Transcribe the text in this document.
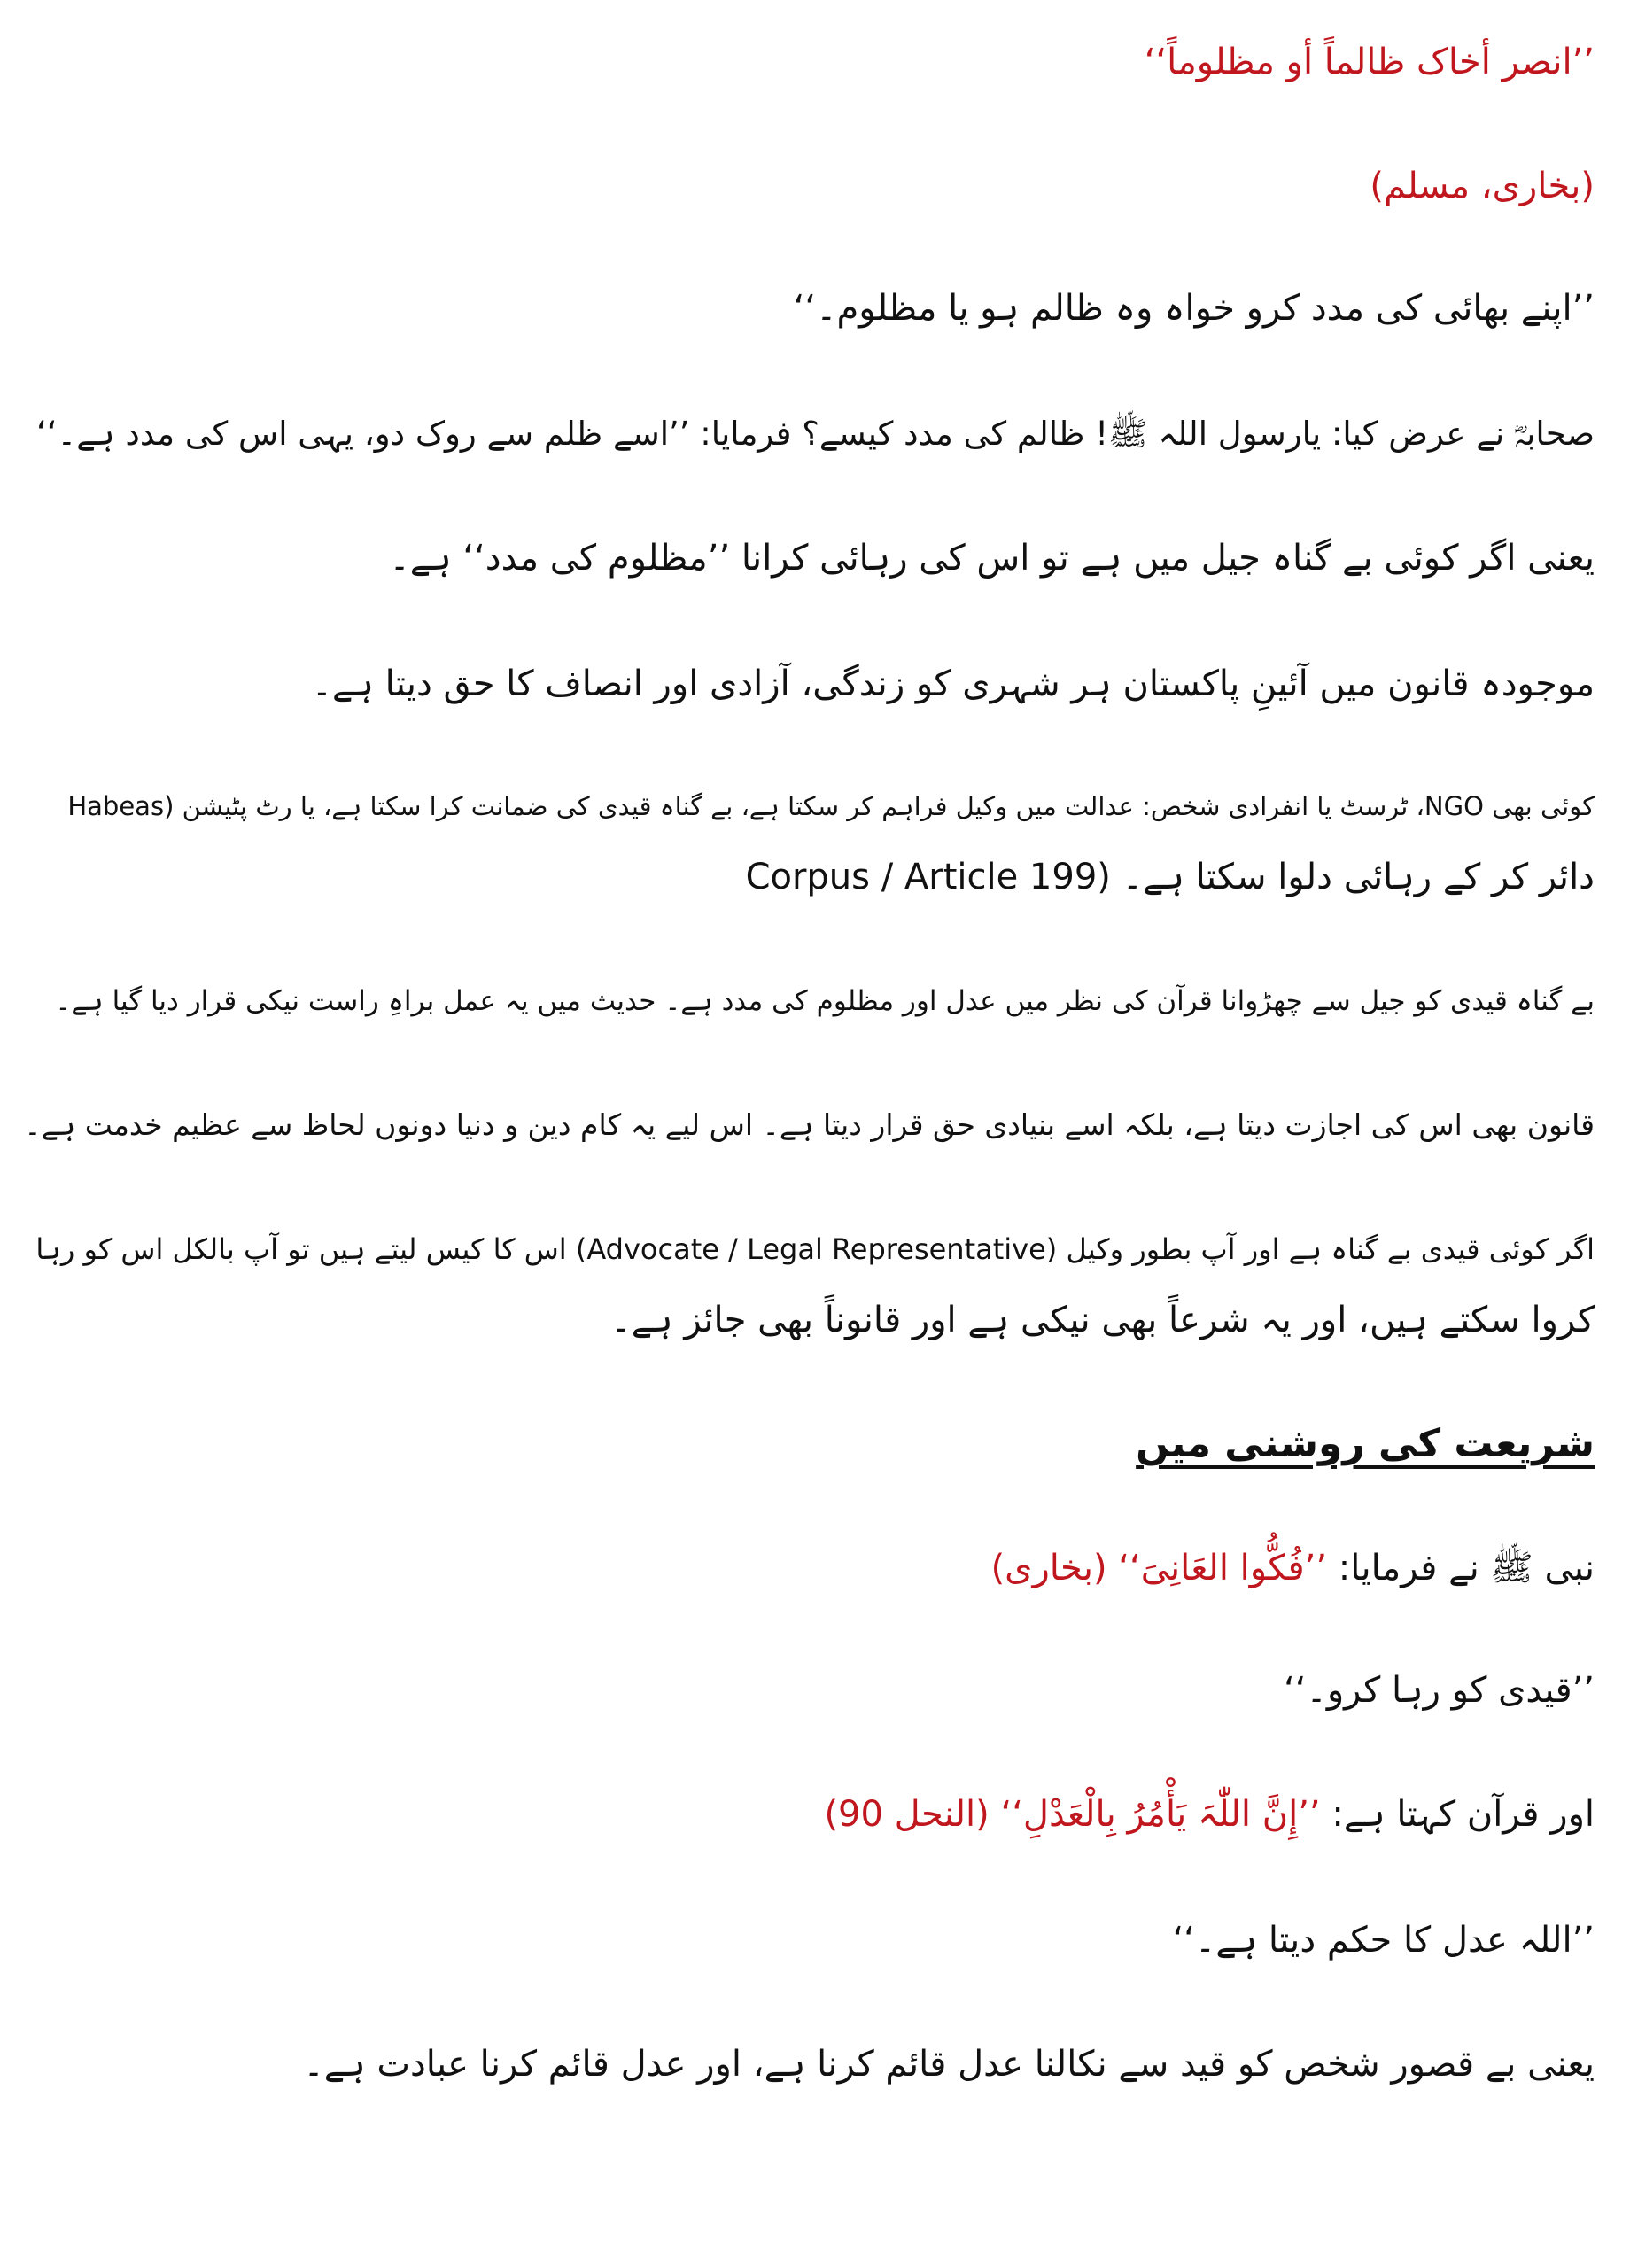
’’انصر أخاک ظالماً أو مظلوماً‘‘
(بخاری، مسلم)
’’اپنے بھائی کی مدد کرو خواہ وہ ظالم ہو یا مظلوم۔‘‘
صحابہؓ نے عرض کیا: یارسول اللہ ﷺ! ظالم کی مدد کیسے؟ فرمایا: ’’اسے ظلم سے روک دو، یہی اس کی مدد ہے۔‘‘
یعنی اگر کوئی بے گناہ جیل میں ہے تو اس کی رہائی کرانا ’’مظلوم کی مدد‘‘ ہے۔
موجودہ قانون میں آئینِ پاکستان ہر شہری کو زندگی، آزادی اور انصاف کا حق دیتا ہے۔
کوئی بھی NGO، ٹرسٹ یا انفرادی شخص: عدالت میں وکیل فراہم کر سکتا ہے، بے گناہ قیدی کی ضمانت کرا سکتا ہے، یا رٹ پٹیشن (Habeas
Corpus / Article 199) دائر کر کے رہائی دلوا سکتا ہے۔
بے گناہ قیدی کو جیل سے چھڑوانا قرآن کی نظر میں عدل اور مظلوم کی مدد ہے۔ حدیث میں یہ عمل براہِ راست نیکی قرار دیا گیا ہے۔
قانون بھی اس کی اجازت دیتا ہے، بلکہ اسے بنیادی حق قرار دیتا ہے۔ اس لیے یہ کام دین و دنیا دونوں لحاظ سے عظیم خدمت ہے۔
اگر کوئی قیدی بے گناہ ہے اور آپ بطور وکیل (Advocate / Legal Representative) اس کا کیس لیتے ہیں تو آپ بالکل اس کو رہا
کروا سکتے ہیں، اور یہ شرعاً بھی نیکی ہے اور قانوناً بھی جائز ہے۔
شریعت کی روشنی میں
نبی ﷺ نے فرمایا: ’’فُکُّوا العَانِیَ‘‘ (بخاری)
’’قیدی کو رہا کرو۔‘‘
اور قرآن کہتا ہے: ’’إِنَّ اللّٰہَ یَأْمُرُ بِالْعَدْلِ‘‘ (النحل 90)
’’اللہ عدل کا حکم دیتا ہے۔‘‘
یعنی بے قصور شخص کو قید سے نکالنا عدل قائم کرنا ہے، اور عدل قائم کرنا عبادت ہے۔
